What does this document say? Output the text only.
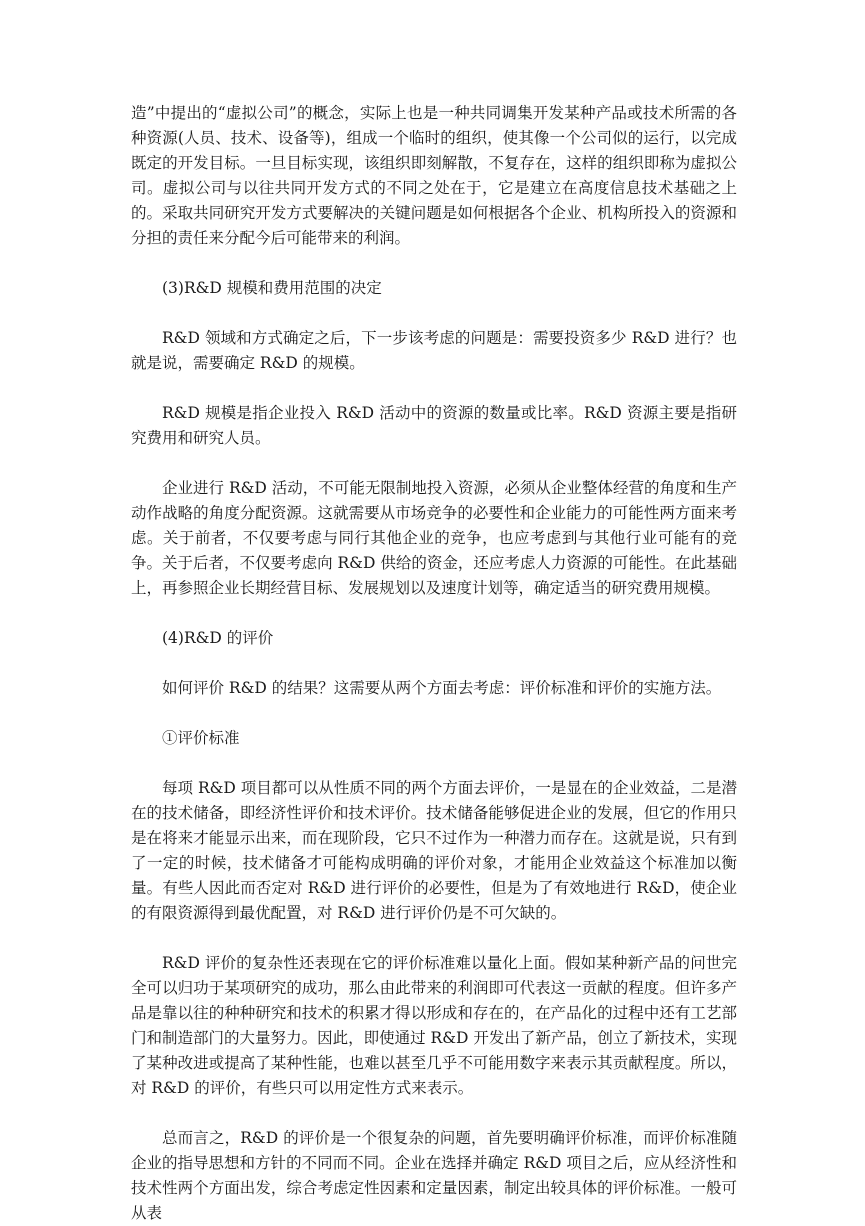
造”中提出的“虚拟公司”的概念，实际上也是一种共同调集开发某种产品或技术所需的各种资源(人员、技术、设备等)，组成一个临时的组织，使其像一个公司似的运行，以完成既定的开发目标。一旦目标实现，该组织即刻解散，不复存在，这样的组织即称为虚拟公司。虚拟公司与以往共同开发方式的不同之处在于，它是建立在高度信息技术基础之上的。采取共同研究开发方式要解决的关键问题是如何根据各个企业、机构所投入的资源和分担的责任来分配今后可能带来的利润。

(3)R&D 规模和费用范围的决定

R&D 领域和方式确定之后，下一步该考虑的问题是：需要投资多少 R&D 进行？也就是说，需要确定 R&D 的规模。

R&D 规模是指企业投入 R&D 活动中的资源的数量或比率。R&D 资源主要是指研究费用和研究人员。

企业进行 R&D 活动，不可能无限制地投入资源，必须从企业整体经营的角度和生产动作战略的角度分配资源。这就需要从市场竞争的必要性和企业能力的可能性两方面来考虑。关于前者，不仅要考虑与同行其他企业的竞争，也应考虑到与其他行业可能有的竞争。关于后者，不仅要考虑向 R&D 供给的资金，还应考虑人力资源的可能性。在此基础上，再参照企业长期经营目标、发展规划以及速度计划等，确定适当的研究费用规模。

(4)R&D 的评价

如何评价 R&D 的结果？这需要从两个方面去考虑：评价标准和评价的实施方法。

①评价标准

每项 R&D 项目都可以从性质不同的两个方面去评价，一是显在的企业效益，二是潜在的技术储备，即经济性评价和技术评价。技术储备能够促进企业的发展，但它的作用只是在将来才能显示出来，而在现阶段，它只不过作为一种潜力而存在。这就是说，只有到了一定的时候，技术储备才可能构成明确的评价对象，才能用企业效益这个标准加以衡量。有些人因此而否定对 R&D 进行评价的必要性，但是为了有效地进行 R&D，使企业的有限资源得到最优配置，对 R&D 进行评价仍是不可欠缺的。

R&D 评价的复杂性还表现在它的评价标准难以量化上面。假如某种新产品的问世完全可以归功于某项研究的成功，那么由此带来的利润即可代表这一贡献的程度。但许多产品是靠以往的种种研究和技术的积累才得以形成和存在的，在产品化的过程中还有工艺部门和制造部门的大量努力。因此，即使通过 R&D 开发出了新产品，创立了新技术，实现了某种改进或提高了某种性能，也难以甚至几乎不可能用数字来表示其贡献程度。所以，对 R&D 的评价，有些只可以用定性方式来表示。

总而言之，R&D 的评价是一个很复杂的问题，首先要明确评价标准，而评价标准随企业的指导思想和方针的不同而不同。企业在选择并确定 R&D 项目之后，应从经济性和技术性两个方面出发，综合考虑定性因素和定量因素，制定出较具体的评价标准。一般可从表
